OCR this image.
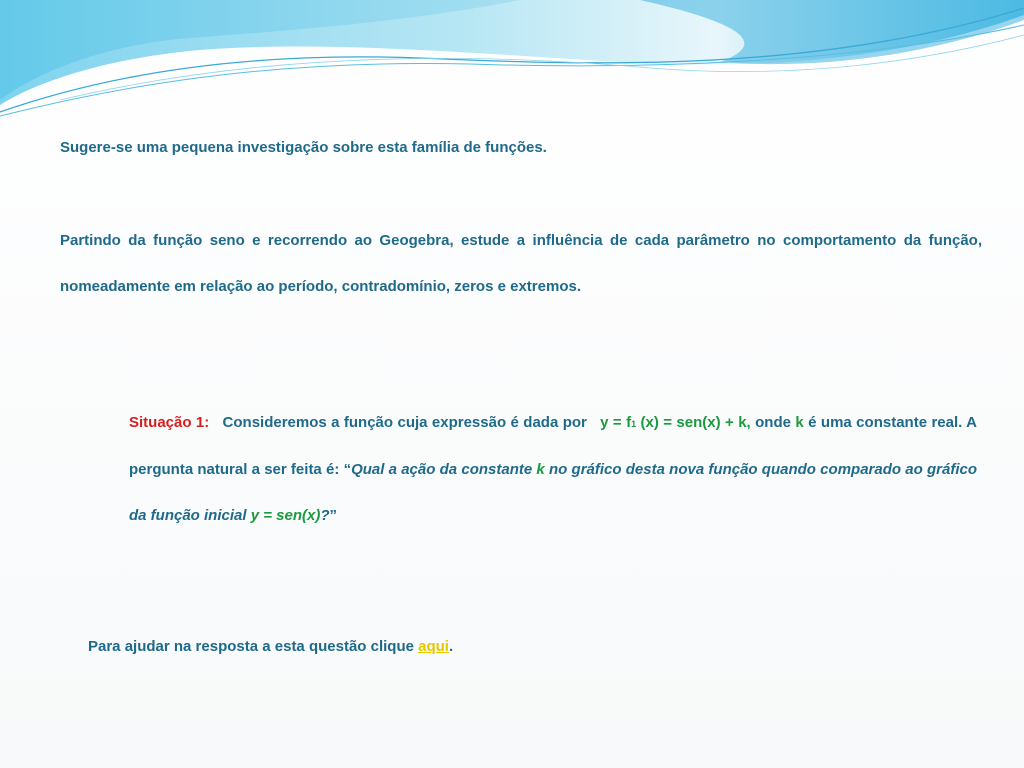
Sugere-se uma pequena investigação sobre esta família de funções.

Partindo da função seno e recorrendo ao Geogebra, estude a influência de cada parâmetro no comportamento da função, nomeadamente em relação ao período, contradomínio, zeros e extremos.

Situação 1: Consideremos a função cuja expressão é dada por y = f1 (x) = sen(x) + k, onde k é uma constante real. A pergunta natural a ser feita é: “Qual a ação da constante k no gráfico desta nova função quando comparado ao gráfico da função inicial y = sen(x)?”

Para ajudar na resposta a esta questão clique aqui.
